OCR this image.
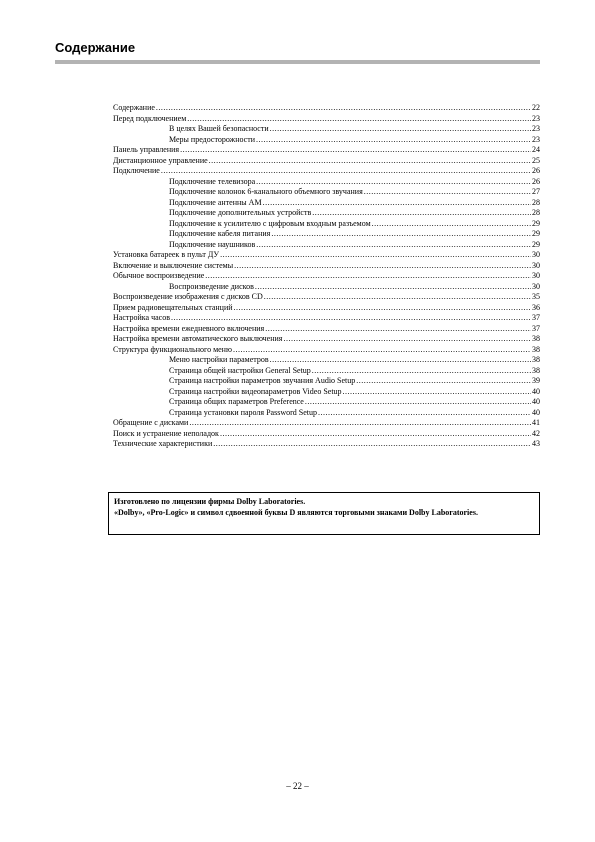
Содержание
Содержание .....	22
Перед подключением .....	23
В целях Вашей безопасности .....	23
Меры предосторожности .....	23
Панель управления .....	24
Дистанционное управление .....	25
Подключение .....	26
Подключение телевизора .....	26
Подключение колонок 6-канального объемного звучания .....	27
Подключение антенны AM .....	28
Подключение дополнительных устройств .....	28
Подключение к усилителю с цифровым входным разъемом .....	29
Подключение кабеля питания .....	29
Подключение наушников .....	29
Установка батареек в пульт ДУ .....	30
Включение и выключение системы .....	30
Обычное воспроизведение .....	30
Воспроизведение дисков .....	30
Воспроизведение изображения с дисков CD .....	35
Прием радиовещательных станций .....	36
Настройка часов .....	37
Настройка времени ежедневного включения .....	37
Настройка времени автоматического выключения .....	38
Структура функционального меню .....	38
Меню настройки параметров .....	38
Страница общей настройки General Setup .....	38
Страница настройки параметров звучания Audio Setup .....	39
Страница настройки видеопараметров Video Setup .....	40
Страница общих параметров Preference .....	40
Страница установки пароля Password Setup .....	40
Обращение с дисками .....	41
Поиск и устранение неполадок .....	42
Технические характеристики .....	43

Изготовлено по лицензии фирмы Dolby Laboratories.

«Dolby», «Pro-Logic» и символ сдвоенной буквы D являются торговыми знаками Dolby Laboratories.

– 22 –
